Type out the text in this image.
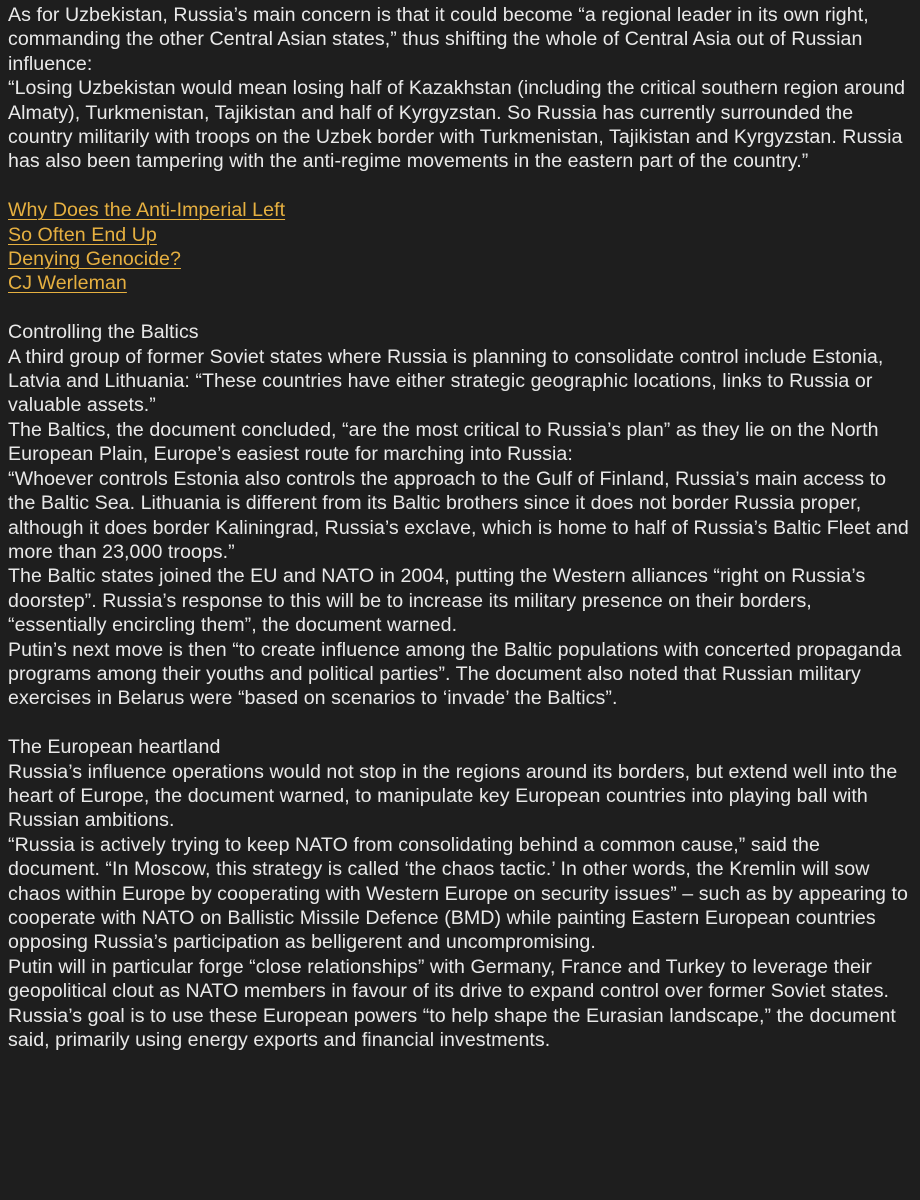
As for Uzbekistan, Russia’s main concern is that it could become “a regional leader in its own right, commanding the other Central Asian states,” thus shifting the whole of Central Asia out of Russian influence:

“Losing Uzbekistan would mean losing half of Kazakhstan (including the critical southern region around Almaty), Turkmenistan, Tajikistan and half of Kyrgyzstan. So Russia has currently surrounded the country militarily with troops on the Uzbek border with Turkmenistan, Tajikistan and Kyrgyzstan. Russia has also been tampering with the anti-regime movements in the eastern part of the country.”

Why Does the Anti-Imperial Left
So Often End Up
Denying Genocide?
CJ Werleman

Controlling the Baltics

A third group of former Soviet states where Russia is planning to consolidate control include Estonia, Latvia and Lithuania: “These countries have either strategic geographic locations, links to Russia or valuable assets.”

The Baltics, the document concluded, “are the most critical to Russia’s plan” as they lie on the North European Plain, Europe’s easiest route for marching into Russia:

“Whoever controls Estonia also controls the approach to the Gulf of Finland, Russia’s main access to the Baltic Sea. Lithuania is different from its Baltic brothers since it does not border Russia proper, although it does border Kaliningrad, Russia’s exclave, which is home to half of Russia’s Baltic Fleet and more than 23,000 troops.”

The Baltic states joined the EU and NATO in 2004, putting the Western alliances “right on Russia’s doorstep”. Russia’s response to this will be to increase its military presence on their borders, “essentially encircling them”, the document warned.

Putin’s next move is then “to create influence among the Baltic populations with concerted propaganda programs among their youths and political parties”. The document also noted that Russian military exercises in Belarus were “based on scenarios to ‘invade’ the Baltics”.

The European heartland

Russia’s influence operations would not stop in the regions around its borders, but extend well into the heart of Europe, the document warned, to manipulate key European countries into playing ball with Russian ambitions.

“Russia is actively trying to keep NATO from consolidating behind a common cause,” said the document. “In Moscow, this strategy is called ‘the chaos tactic.’ In other words, the Kremlin will sow chaos within Europe by cooperating with Western Europe on security issues” – such as by appearing to cooperate with NATO on Ballistic Missile Defence (BMD) while painting Eastern European countries opposing Russia’s participation as belligerent and uncompromising.

Putin will in particular forge “close relationships” with Germany, France and Turkey to leverage their geopolitical clout as NATO members in favour of its drive to expand control over former Soviet states.

Russia’s goal is to use these European powers “to help shape the Eurasian landscape,” the document said, primarily using energy exports and financial investments.
